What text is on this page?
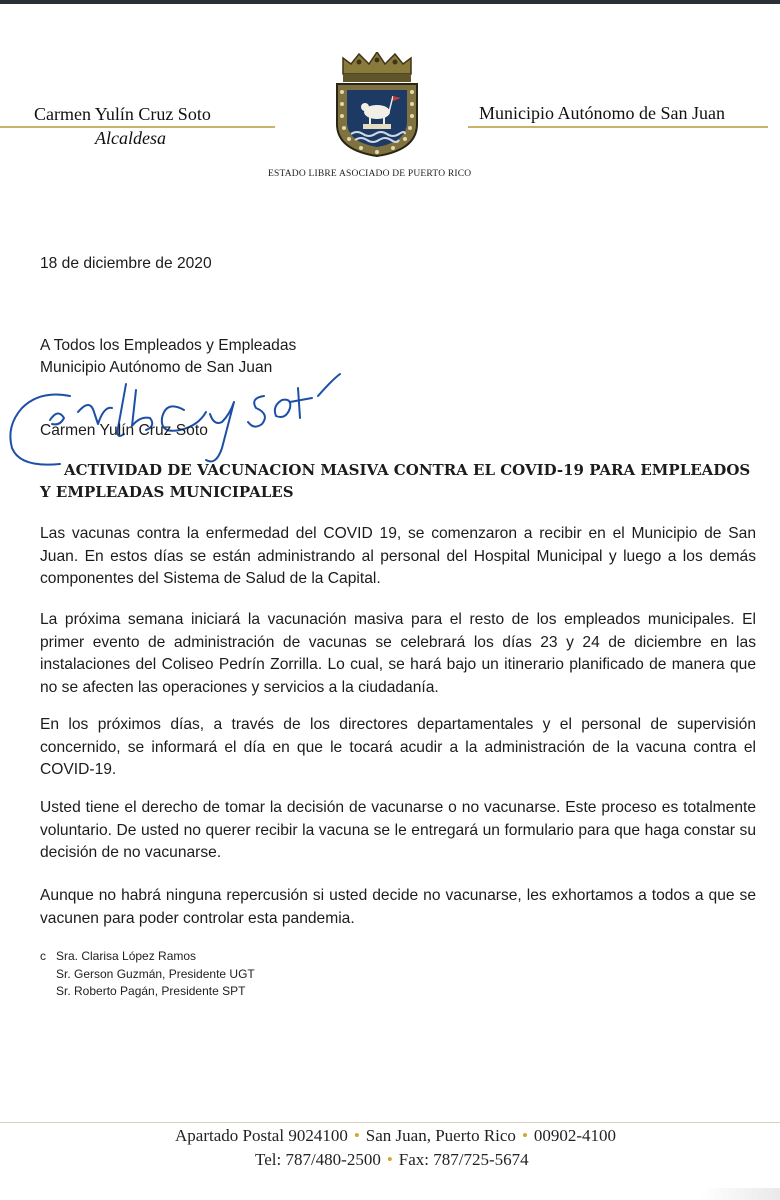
Carmen Yulín Cruz Soto
Alcaldesa
ESTADO LIBRE ASOCIADO DE PUERTO RICO
Municipio Autónomo de San Juan
18 de diciembre de 2020
A Todos los Empleados y Empleadas
Municipio Autónomo de San Juan
Carmen Yulín Cruz Soto
ACTIVIDAD DE VACUNACION MASIVA CONTRA EL COVID-19 PARA EMPLEADOS
Y EMPLEADAS MUNICIPALES
Las vacunas contra la enfermedad del COVID 19, se comenzaron a recibir en el Municipio de San Juan. En estos días se están administrando al personal del Hospital Municipal y luego a los demás componentes del Sistema de Salud de la Capital.
La próxima semana iniciará la vacunación masiva para el resto de los empleados municipales. El primer evento de administración de vacunas se celebrará los días 23 y 24 de diciembre en las instalaciones del Coliseo Pedrín Zorrilla. Lo cual, se hará bajo un itinerario planificado de manera que no se afecten las operaciones y servicios a la ciudadanía.
En los próximos días, a través de los directores departamentales y el personal de supervisión concernido, se informará el día en que le tocará acudir a la administración de la vacuna contra el COVID-19.
Usted tiene el derecho de tomar la decisión de vacunarse o no vacunarse. Este proceso es totalmente voluntario. De usted no querer recibir la vacuna se le entregará un formulario para que haga constar su decisión de no vacunarse.
Aunque no habrá ninguna repercusión si usted decide no vacunarse, les exhortamos a todos a que se vacunen para poder controlar esta pandemia.
c Sra. Clarisa López Ramos
Sr. Gerson Guzmán, Presidente UGT
Sr. Roberto Pagán, Presidente SPT
Apartado Postal 9024100 • San Juan, Puerto Rico • 00902-4100
Tel: 787/480-2500 • Fax: 787/725-5674
